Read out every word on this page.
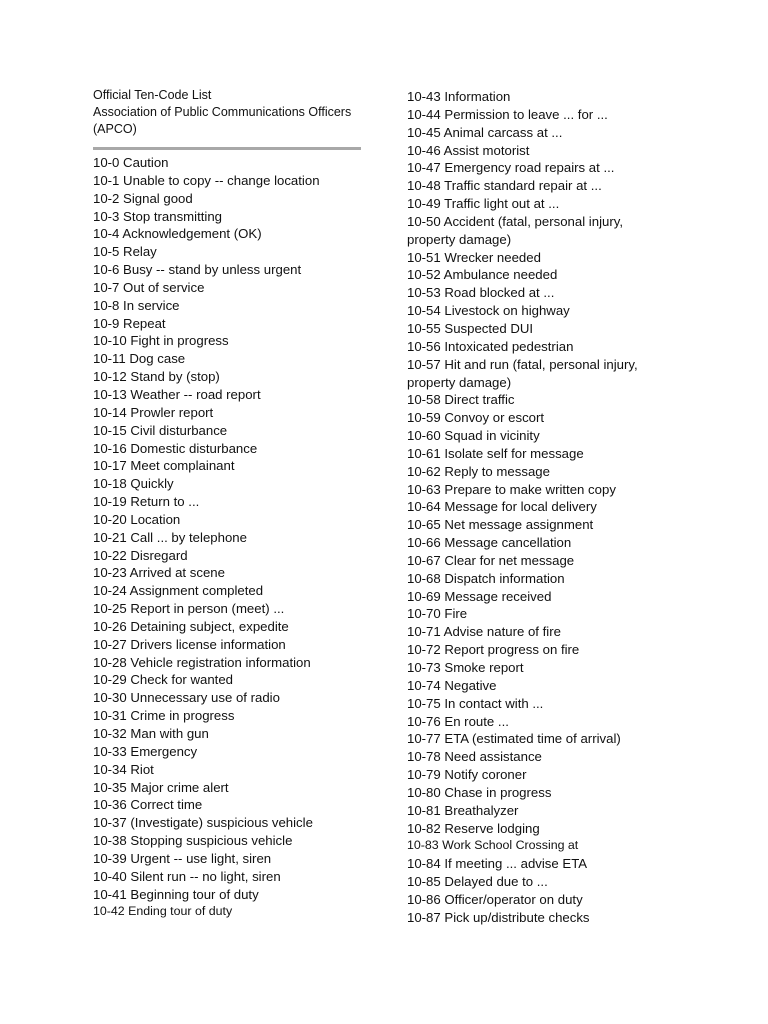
Official Ten-Code List
Association of Public Communications Officers
(APCO)
10-0 Caution
10-1 Unable to copy -- change location
10-2 Signal good
10-3 Stop transmitting
10-4 Acknowledgement (OK)
10-5 Relay
10-6 Busy -- stand by unless urgent
10-7 Out of service
10-8 In service
10-9 Repeat
10-10 Fight in progress
10-11 Dog case
10-12 Stand by (stop)
10-13 Weather -- road report
10-14 Prowler report
10-15 Civil disturbance
10-16 Domestic disturbance
10-17 Meet complainant
10-18 Quickly
10-19 Return to ...
10-20 Location
10-21 Call ... by telephone
10-22 Disregard
10-23 Arrived at scene
10-24 Assignment completed
10-25 Report in person (meet) ...
10-26 Detaining subject, expedite
10-27 Drivers license information
10-28 Vehicle registration information
10-29 Check for wanted
10-30 Unnecessary use of radio
10-31 Crime in progress
10-32 Man with gun
10-33 Emergency
10-34 Riot
10-35 Major crime alert
10-36 Correct time
10-37 (Investigate) suspicious vehicle
10-38 Stopping suspicious vehicle
10-39 Urgent -- use light, siren
10-40 Silent run -- no light, siren
10-41 Beginning tour of duty
10-42 Ending tour of duty
10-43 Information
10-44 Permission to leave ... for ...
10-45 Animal carcass at ...
10-46 Assist motorist
10-47 Emergency road repairs at ...
10-48 Traffic standard repair at ...
10-49 Traffic light out at ...
10-50 Accident (fatal, personal injury,
property damage)
10-51 Wrecker needed
10-52 Ambulance needed
10-53 Road blocked at ...
10-54 Livestock on highway
10-55 Suspected DUI
10-56 Intoxicated pedestrian
10-57 Hit and run (fatal, personal injury,
property damage)
10-58 Direct traffic
10-59 Convoy or escort
10-60 Squad in vicinity
10-61 Isolate self for message
10-62 Reply to message
10-63 Prepare to make written copy
10-64 Message for local delivery
10-65 Net message assignment
10-66 Message cancellation
10-67 Clear for net message
10-68 Dispatch information
10-69 Message received
10-70 Fire
10-71 Advise nature of fire
10-72 Report progress on fire
10-73 Smoke report
10-74 Negative
10-75 In contact with ...
10-76 En route ...
10-77 ETA (estimated time of arrival)
10-78 Need assistance
10-79 Notify coroner
10-80 Chase in progress
10-81 Breathalyzer
10-82 Reserve lodging
10-83 Work School Crossing at
10-84 If meeting ... advise ETA
10-85 Delayed due to ...
10-86 Officer/operator on duty
10-87 Pick up/distribute checks
